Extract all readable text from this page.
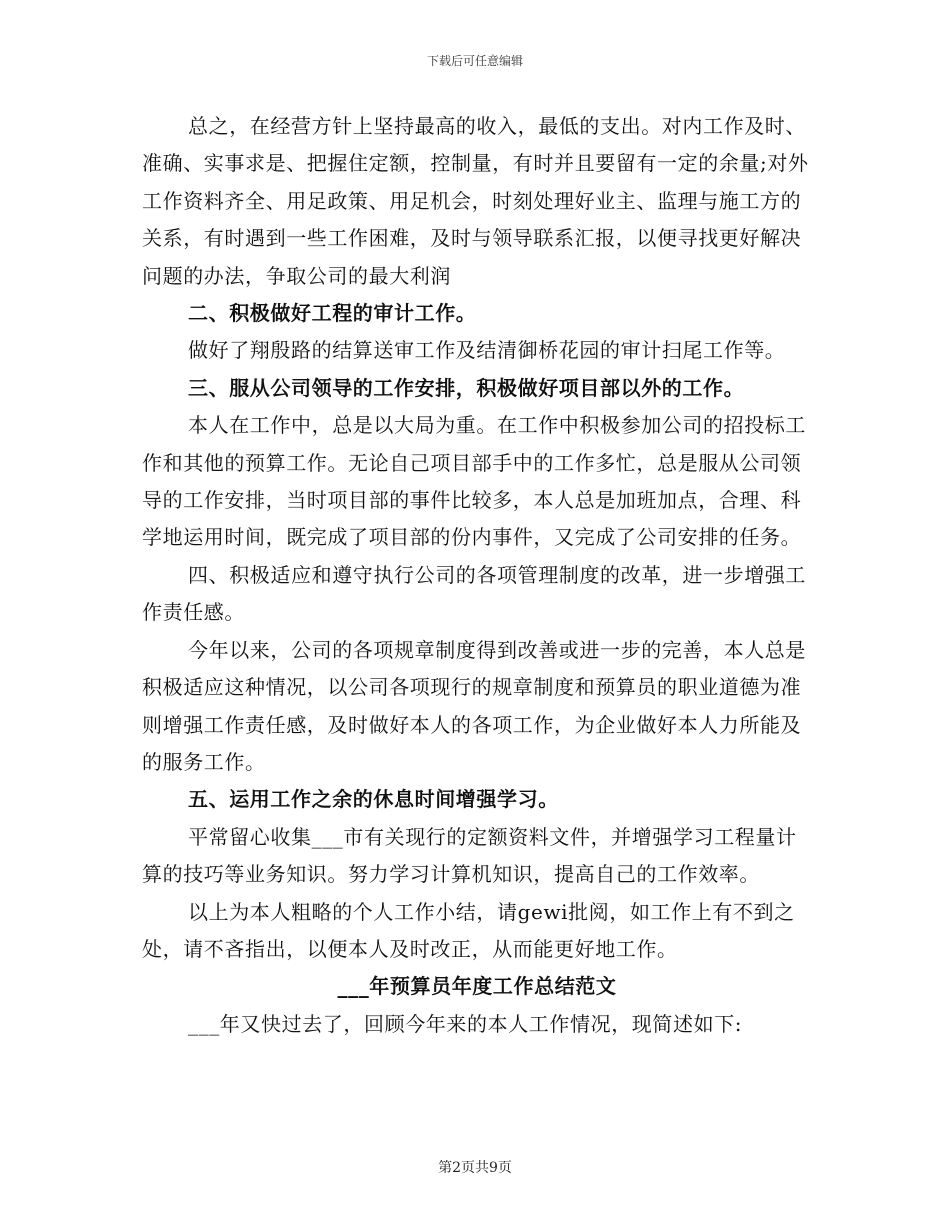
下载后可任意编辑

总之，在经营方针上坚持最高的收入，最低的支出。对内工作及时、准确、实事求是、把握住定额，控制量，有时并且要留有一定的余量;对外工作资料齐全、用足政策、用足机会，时刻处理好业主、监理与施工方的关系，有时遇到一些工作困难，及时与领导联系汇报，以便寻找更好解决问题的办法，争取公司的最大利润

二、积极做好工程的审计工作。

做好了翔殷路的结算送审工作及结清御桥花园的审计扫尾工作等。

三、服从公司领导的工作安排，积极做好项目部以外的工作。

本人在工作中，总是以大局为重。在工作中积极参加公司的招投标工作和其他的预算工作。无论自己项目部手中的工作多忙，总是服从公司领导的工作安排，当时项目部的事件比较多，本人总是加班加点，合理、科学地运用时间，既完成了项目部的份内事件，又完成了公司安排的任务。

四、积极适应和遵守执行公司的各项管理制度的改革，进一步增强工作责任感。

今年以来，公司的各项规章制度得到改善或进一步的完善，本人总是积极适应这种情况，以公司各项现行的规章制度和预算员的职业道德为准则增强工作责任感，及时做好本人的各项工作，为企业做好本人力所能及的服务工作。

五、运用工作之余的休息时间增强学习。

平常留心收集___市有关现行的定额资料文件，并增强学习工程量计算的技巧等业务知识。努力学习计算机知识，提高自己的工作效率。

以上为本人粗略的个人工作小结，请gewi批阅，如工作上有不到之处，请不吝指出，以便本人及时改正，从而能更好地工作。

___年预算员年度工作总结范文

___年又快过去了，回顾今年来的本人工作情况，现简述如下:

第2页共9页
